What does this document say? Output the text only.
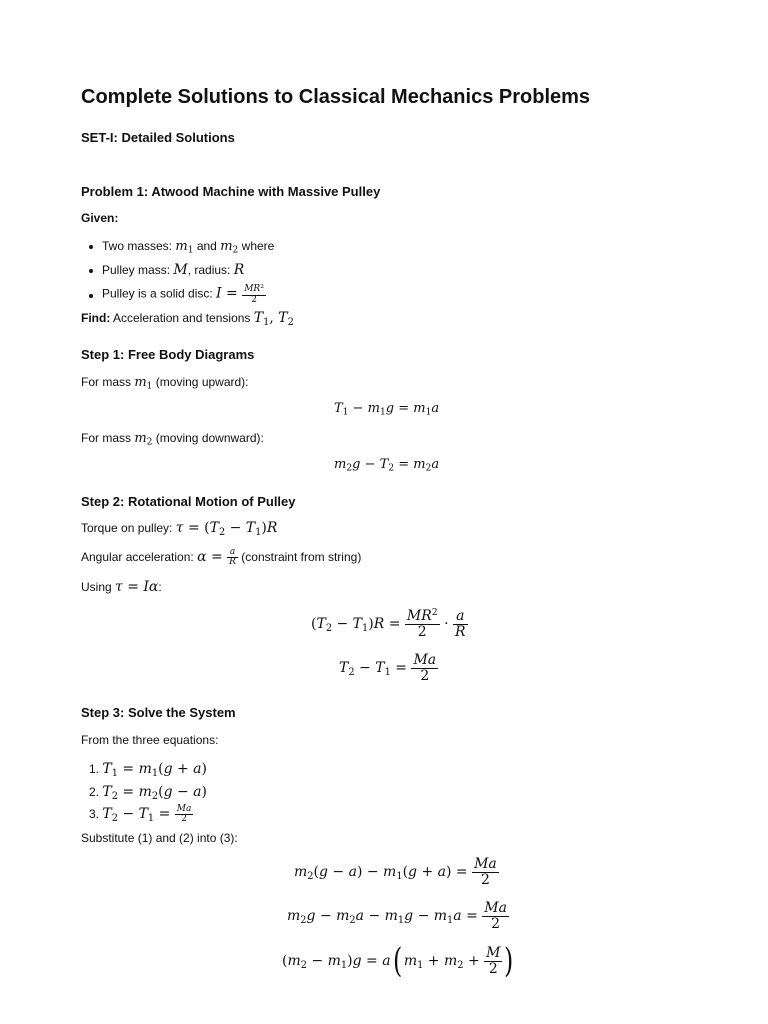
Complete Solutions to Classical Mechanics Problems
SET-I: Detailed Solutions
Problem 1: Atwood Machine with Massive Pulley
Given:
Two masses: $m_1$ and $m_2$ where
Pulley mass: M, radius: R
Pulley is a solid disc: $I = \frac{MR^2}{2}$
Find: Acceleration and tensions $T_1$, $T_2$
Step 1: Free Body Diagrams
For mass $m_1$ (moving upward):
$T_1 - m_1g = m_1a$
For mass $m_2$ (moving downward):
$m_2g - T_2 = m_2a$
Step 2: Rotational Motion of Pulley
Torque on pulley: $\tau = (T_2 - T_1)R$
Angular acceleration: $\alpha = \frac{a}{R}$ (constraint from string)
Using τ = Iα:
$(T_2 - T_1)R = \frac{MR^2}{2} \cdot \frac{a}{R}$
$T_2 - T_1 = \frac{Ma}{2}$
Step 3: Solve the System
From the three equations:
1. $T_1 = m_1(g + a)$
2. $T_2 = m_2(g - a)$
3. $T_2 - T_1 = \frac{Ma}{2}$
Substitute (1) and (2) into (3):
$m_2(g - a) - m_1(g + a) = \frac{Ma}{2}$
$m_2g - m_2a - m_1g - m_1a = \frac{Ma}{2}$
$(m_2 - m_1)g = a$( $m_1 + m_2 + \frac{M}{2}$ )
